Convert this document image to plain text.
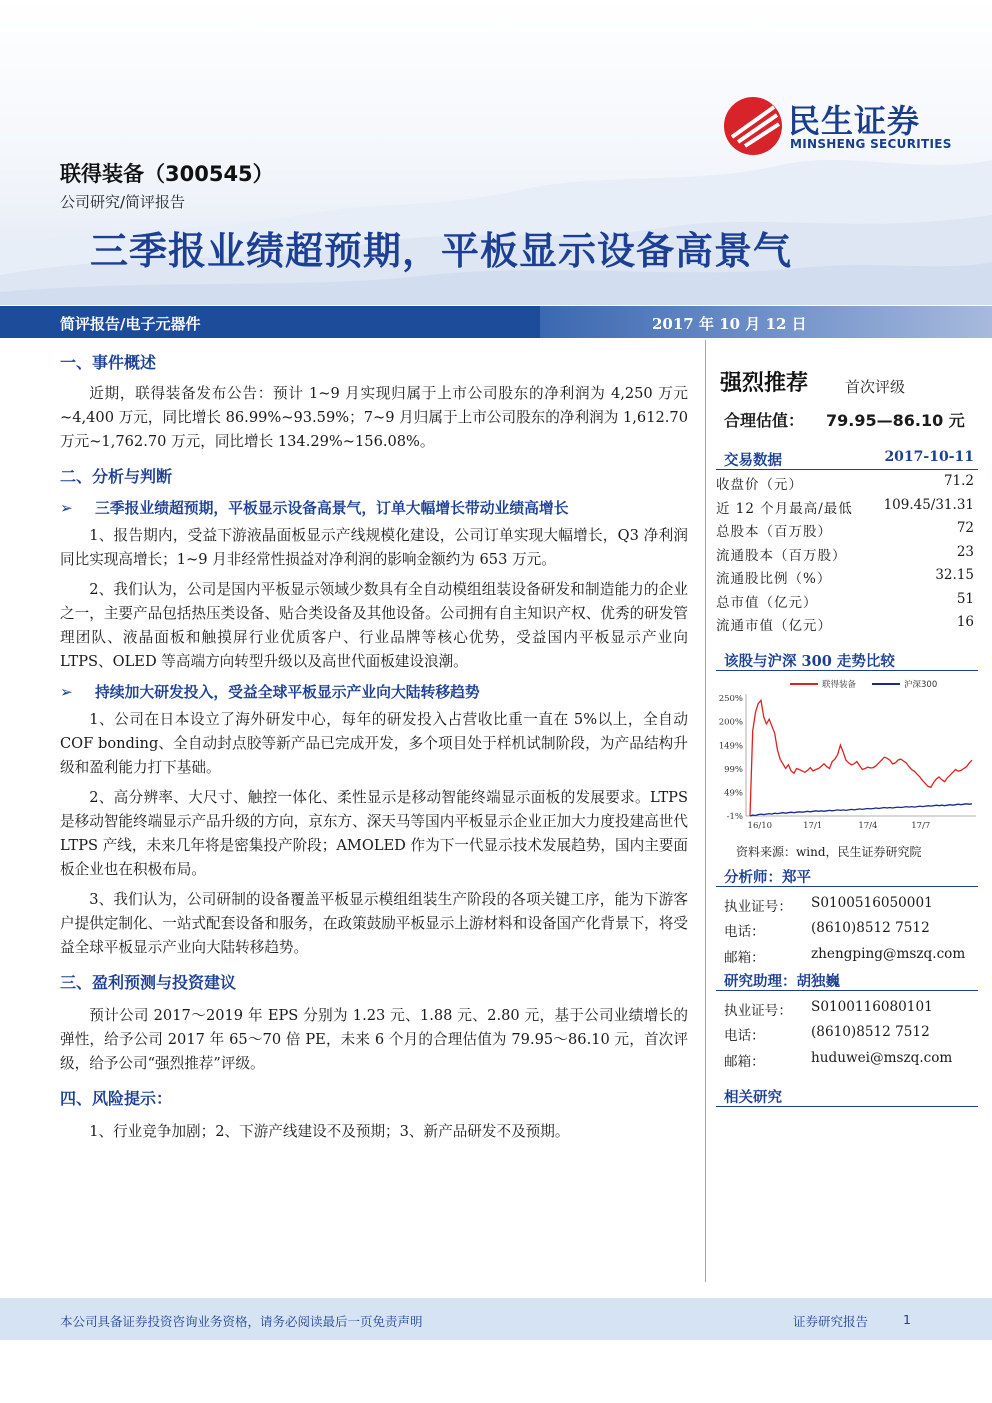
民生证券
MINSHENG SECURITIES
联得装备（300545）
公司研究/简评报告
三季报业绩超预期，平板显示设备高景气
简评报告/电子元器件	2017 年 10 月 12 日
一、事件概述

近期，联得装备发布公告：预计 1~9 月实现归属于上市公司股东的净利润为 4,250 万元~4,400 万元，同比增长 86.99%~93.59%；7~9 月归属于上市公司股东的净利润为 1,612.70 万元~1,762.70 万元，同比增长 134.29%~156.08%。

二、分析与判断
➢ 三季报业绩超预期，平板显示设备高景气，订单大幅增长带动业绩高增长

1、报告期内，受益下游液晶面板显示产线规模化建设，公司订单实现大幅增长，Q3 净利润同比实现高增长；1~9 月非经常性损益对净利润的影响金额约为 653 万元。

2、我们认为，公司是国内平板显示领域少数具有全自动模组组装设备研发和制造能力的企业之一，主要产品包括热压类设备、贴合类设备及其他设备。公司拥有自主知识产权、优秀的研发管理团队、液晶面板和触摸屏行业优质客户、行业品牌等核心优势，受益国内平板显示产业向 LTPS、OLED 等高端方向转型升级以及高世代面板建设浪潮。

➢ 持续加大研发投入，受益全球平板显示产业向大陆转移趋势

1、公司在日本设立了海外研发中心，每年的研发投入占营收比重一直在 5%以上，全自动 COF bonding、全自动封点胶等新产品已完成开发，多个项目处于样机试制阶段，为产品结构升级和盈利能力打下基础。

2、高分辨率、大尺寸、触控一体化、柔性显示是移动智能终端显示面板的发展要求。LTPS 是移动智能终端显示产品升级的方向，京东方、深天马等国内平板显示企业正加大力度投建高世代 LTPS 产线，未来几年将是密集投产阶段；AMOLED 作为下一代显示技术发展趋势，国内主要面板企业也在积极布局。

3、我们认为，公司研制的设备覆盖平板显示模组组装生产阶段的各项关键工序，能为下游客户提供定制化、一站式配套设备和服务，在政策鼓励平板显示上游材料和设备国产化背景下，将受益全球平板显示产业向大陆转移趋势。

三、盈利预测与投资建议

预计公司 2017～2019 年 EPS 分别为 1.23 元、1.88 元、2.80 元，基于公司业绩增长的弹性，给予公司 2017 年 65～70 倍 PE，未来 6 个月的合理估值为 79.95～86.10 元，首次评级，给予公司“强烈推荐”评级。

四、风险提示：

1、行业竞争加剧；2、下游产线建设不及预期；3、新产品研发不及预期。

强烈推荐 首次评级
合理估值： 79.95—86.10 元
交易数据	2017-10-11
收盘价（元）	71.2
近 12 个月最高/最低 109.45/31.31
总股本（百万股）	72
流通股本（百万股）	23
流通股比例（%）	32.15
总市值（亿元）	51
流通市值（亿元）	16
该股与沪深 300 走势比较
250%
200%
149%
99%
49%
-1%
16/10	17/1	17/4	17/7
联得装备	沪深300
资料来源：wind，民生证券研究院
分析师：郑平
执业证号： S0100516050001
电话：	(8610)8512 7512
邮箱：	zhengping@mszq.com
研究助理：胡独巍
执业证号： S0100116080101
电话：	(8610)8512 7512
邮箱：	huduwei@mszq.com
相关研究
本公司具备证券投资咨询业务资格，请务必阅读最后一页免责声明	证券研究报告	1
